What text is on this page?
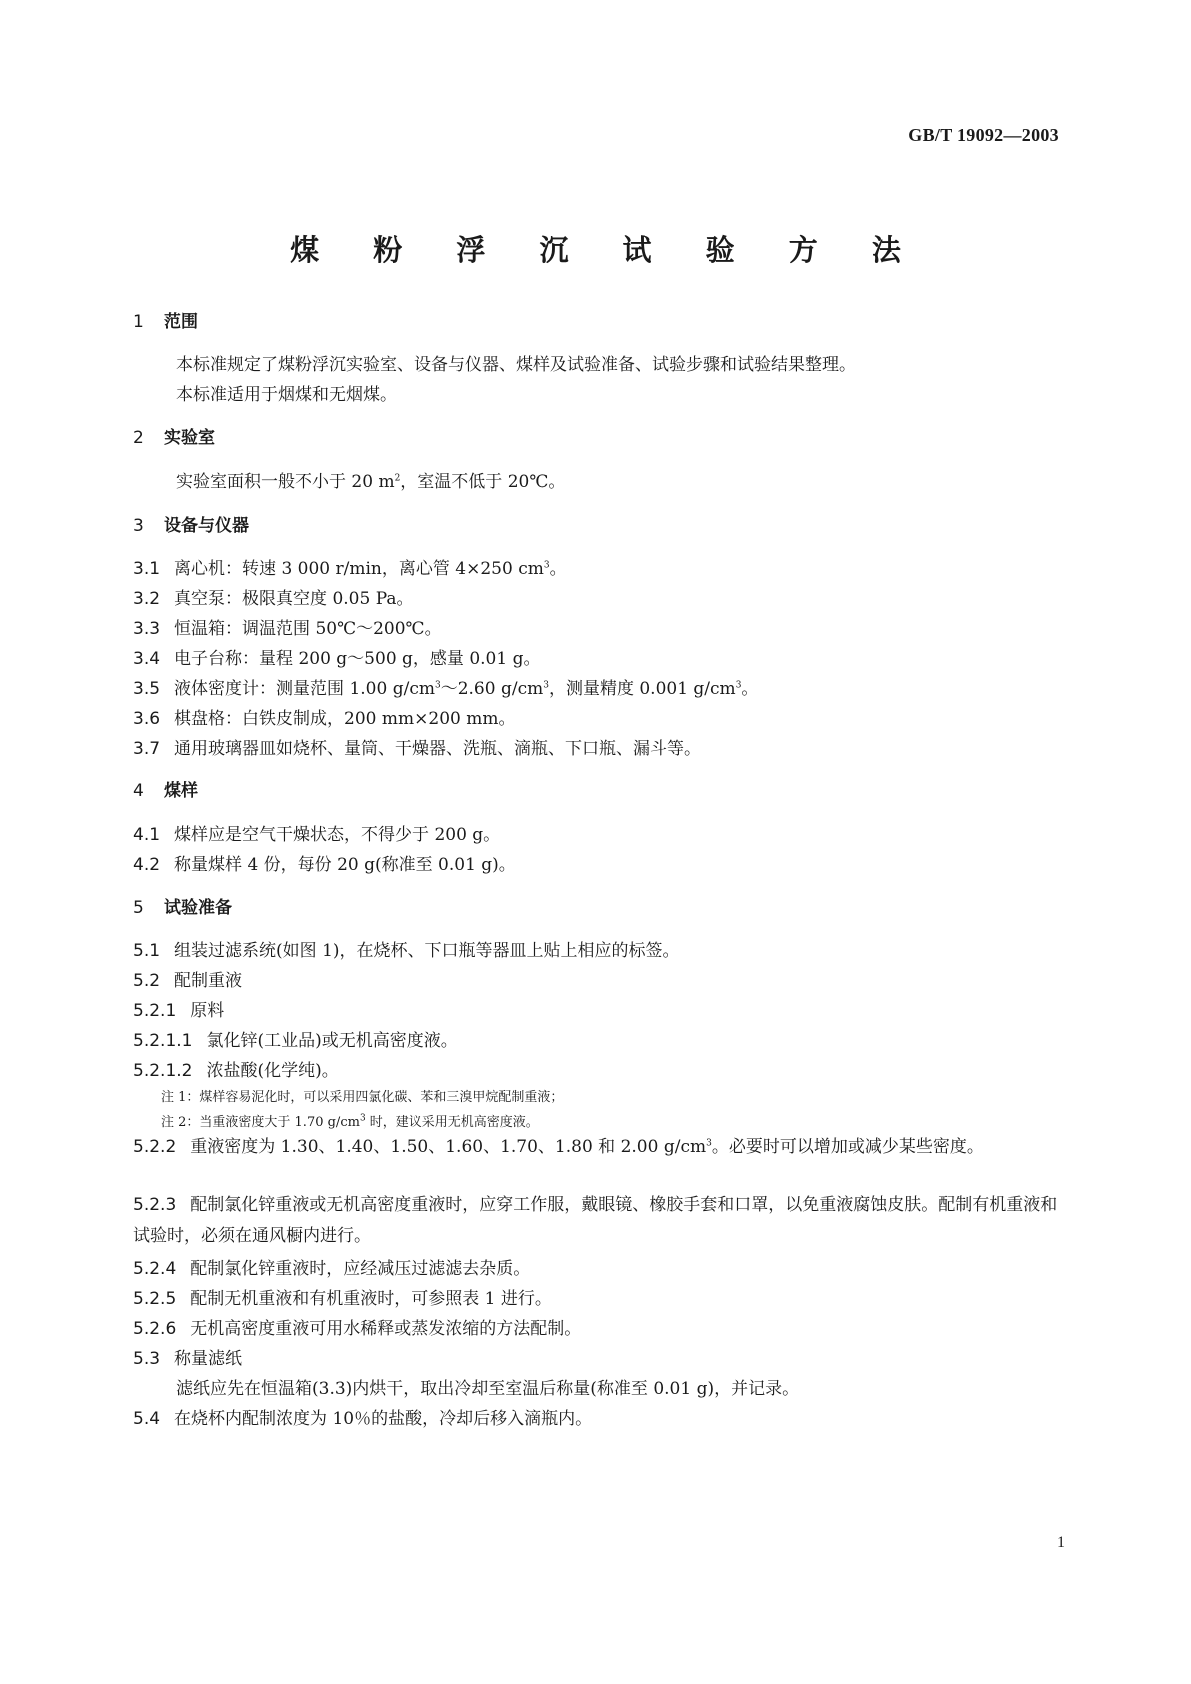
GB/T 19092—2003
煤 粉 浮 沉 试 验 方 法
1 范围
本标准规定了煤粉浮沉实验室、设备与仪器、煤样及试验准备、试验步骤和试验结果整理。
本标准适用于烟煤和无烟煤。
2 实验室
实验室面积一般不小于 20 $m^2$，室温不低于 20℃。
3 设备与仪器
3.1 离心机：转速 3 000 r/min，离心管 4×250 $cm^3$。
3.2 真空泵：极限真空度 0.05 Pa。
3.3 恒温箱：调温范围 50℃～200℃。
3.4 电子台称：量程 200 g～500 g，感量 0.01 g。
3.5 液体密度计：测量范围 1.00 $g/cm^3\sim 2.60$ $g/cm^3$，测量精度 0.001 $g/cm^3$。
3.6 棋盘格：白铁皮制成，200 mm×200 mm。
3.7 通用玻璃器皿如烧杯、量筒、干燥器、洗瓶、滴瓶、下口瓶、漏斗等。
4 煤样
4.1 煤样应是空气干燥状态，不得少于 200 g。
4.2 称量煤样 4 份，每份 20 g(称准至 0.01 g)。
5 试验准备
5.1 组装过滤系统(如图 1)，在烧杯、下口瓶等器皿上贴上相应的标签。
5.2 配制重液
5.2.1 原料
5.2.1.1 氯化锌(工业品)或无机高密度液。
5.2.1.2 浓盐酸(化学纯)。
注 1：煤样容易泥化时，可以采用四氯化碳、苯和三溴甲烷配制重液；
注 2：当重液密度大于 1.70 $g/cm^3$ 时，建议采用无机高密度液。
5.2.2 重液密度为 1.30、1.40、1.50、1.60、1.70、1.80 和 2.00 $g/cm^3$。必要时可以增加或减少某些密度。
5.2.3 配制氯化锌重液或无机高密度重液时，应穿工作服，戴眼镜、橡胶手套和口罩，以免重液腐蚀皮肤。配制有机重液和试验时，必须在通风橱内进行。
5.2.4 配制氯化锌重液时，应经减压过滤滤去杂质。
5.2.5 配制无机重液和有机重液时，可参照表 1 进行。
5.2.6 无机高密度重液可用水稀释或蒸发浓缩的方法配制。
5.3 称量滤纸
滤纸应先在恒温箱(3.3)内烘干，取出冷却至室温后称量(称准至 0.01 g)，并记录。
5.4 在烧杯内配制浓度为 10％的盐酸，冷却后移入滴瓶内。
1
